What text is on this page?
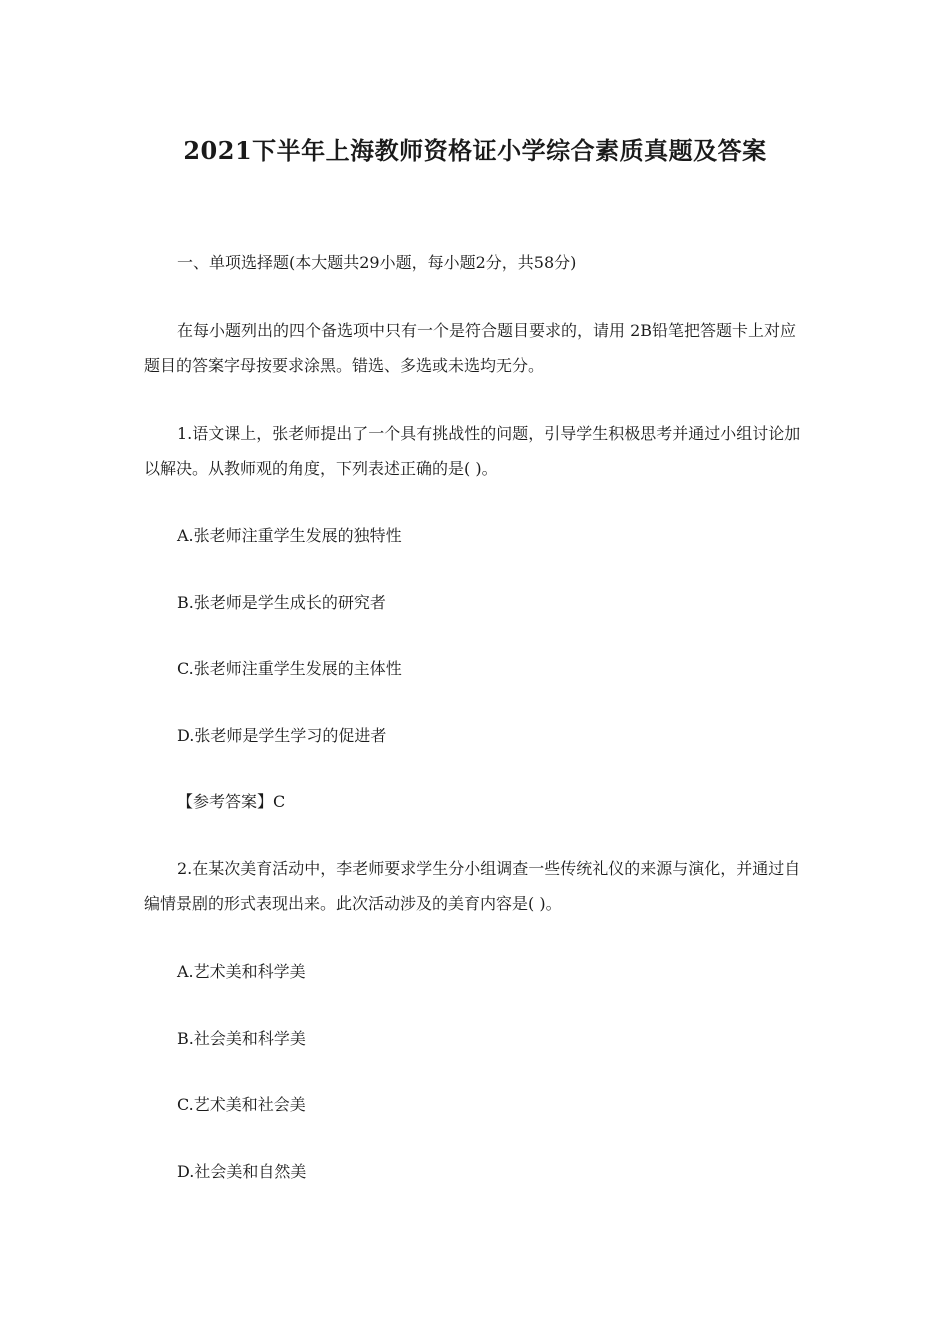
2021下半年上海教师资格证小学综合素质真题及答案
一、单项选择题(本大题共29小题，每小题2分，共58分)
在每小题列出的四个备选项中只有一个是符合题目要求的，请用 2B铅笔把答题卡上对应题目的答案字母按要求涂黑。错选、多选或未选均无分。
1.语文课上，张老师提出了一个具有挑战性的问题，引导学生积极思考并通过小组讨论加以解决。从教师观的角度，下列表述正确的是( )。
A.张老师注重学生发展的独特性
B.张老师是学生成长的研究者
C.张老师注重学生发展的主体性
D.张老师是学生学习的促进者
【参考答案】C
2.在某次美育活动中，李老师要求学生分小组调查一些传统礼仪的来源与演化，并通过自编情景剧的形式表现出来。此次活动涉及的美育内容是( )。
A.艺术美和科学美
B.社会美和科学美
C.艺术美和社会美
D.社会美和自然美
